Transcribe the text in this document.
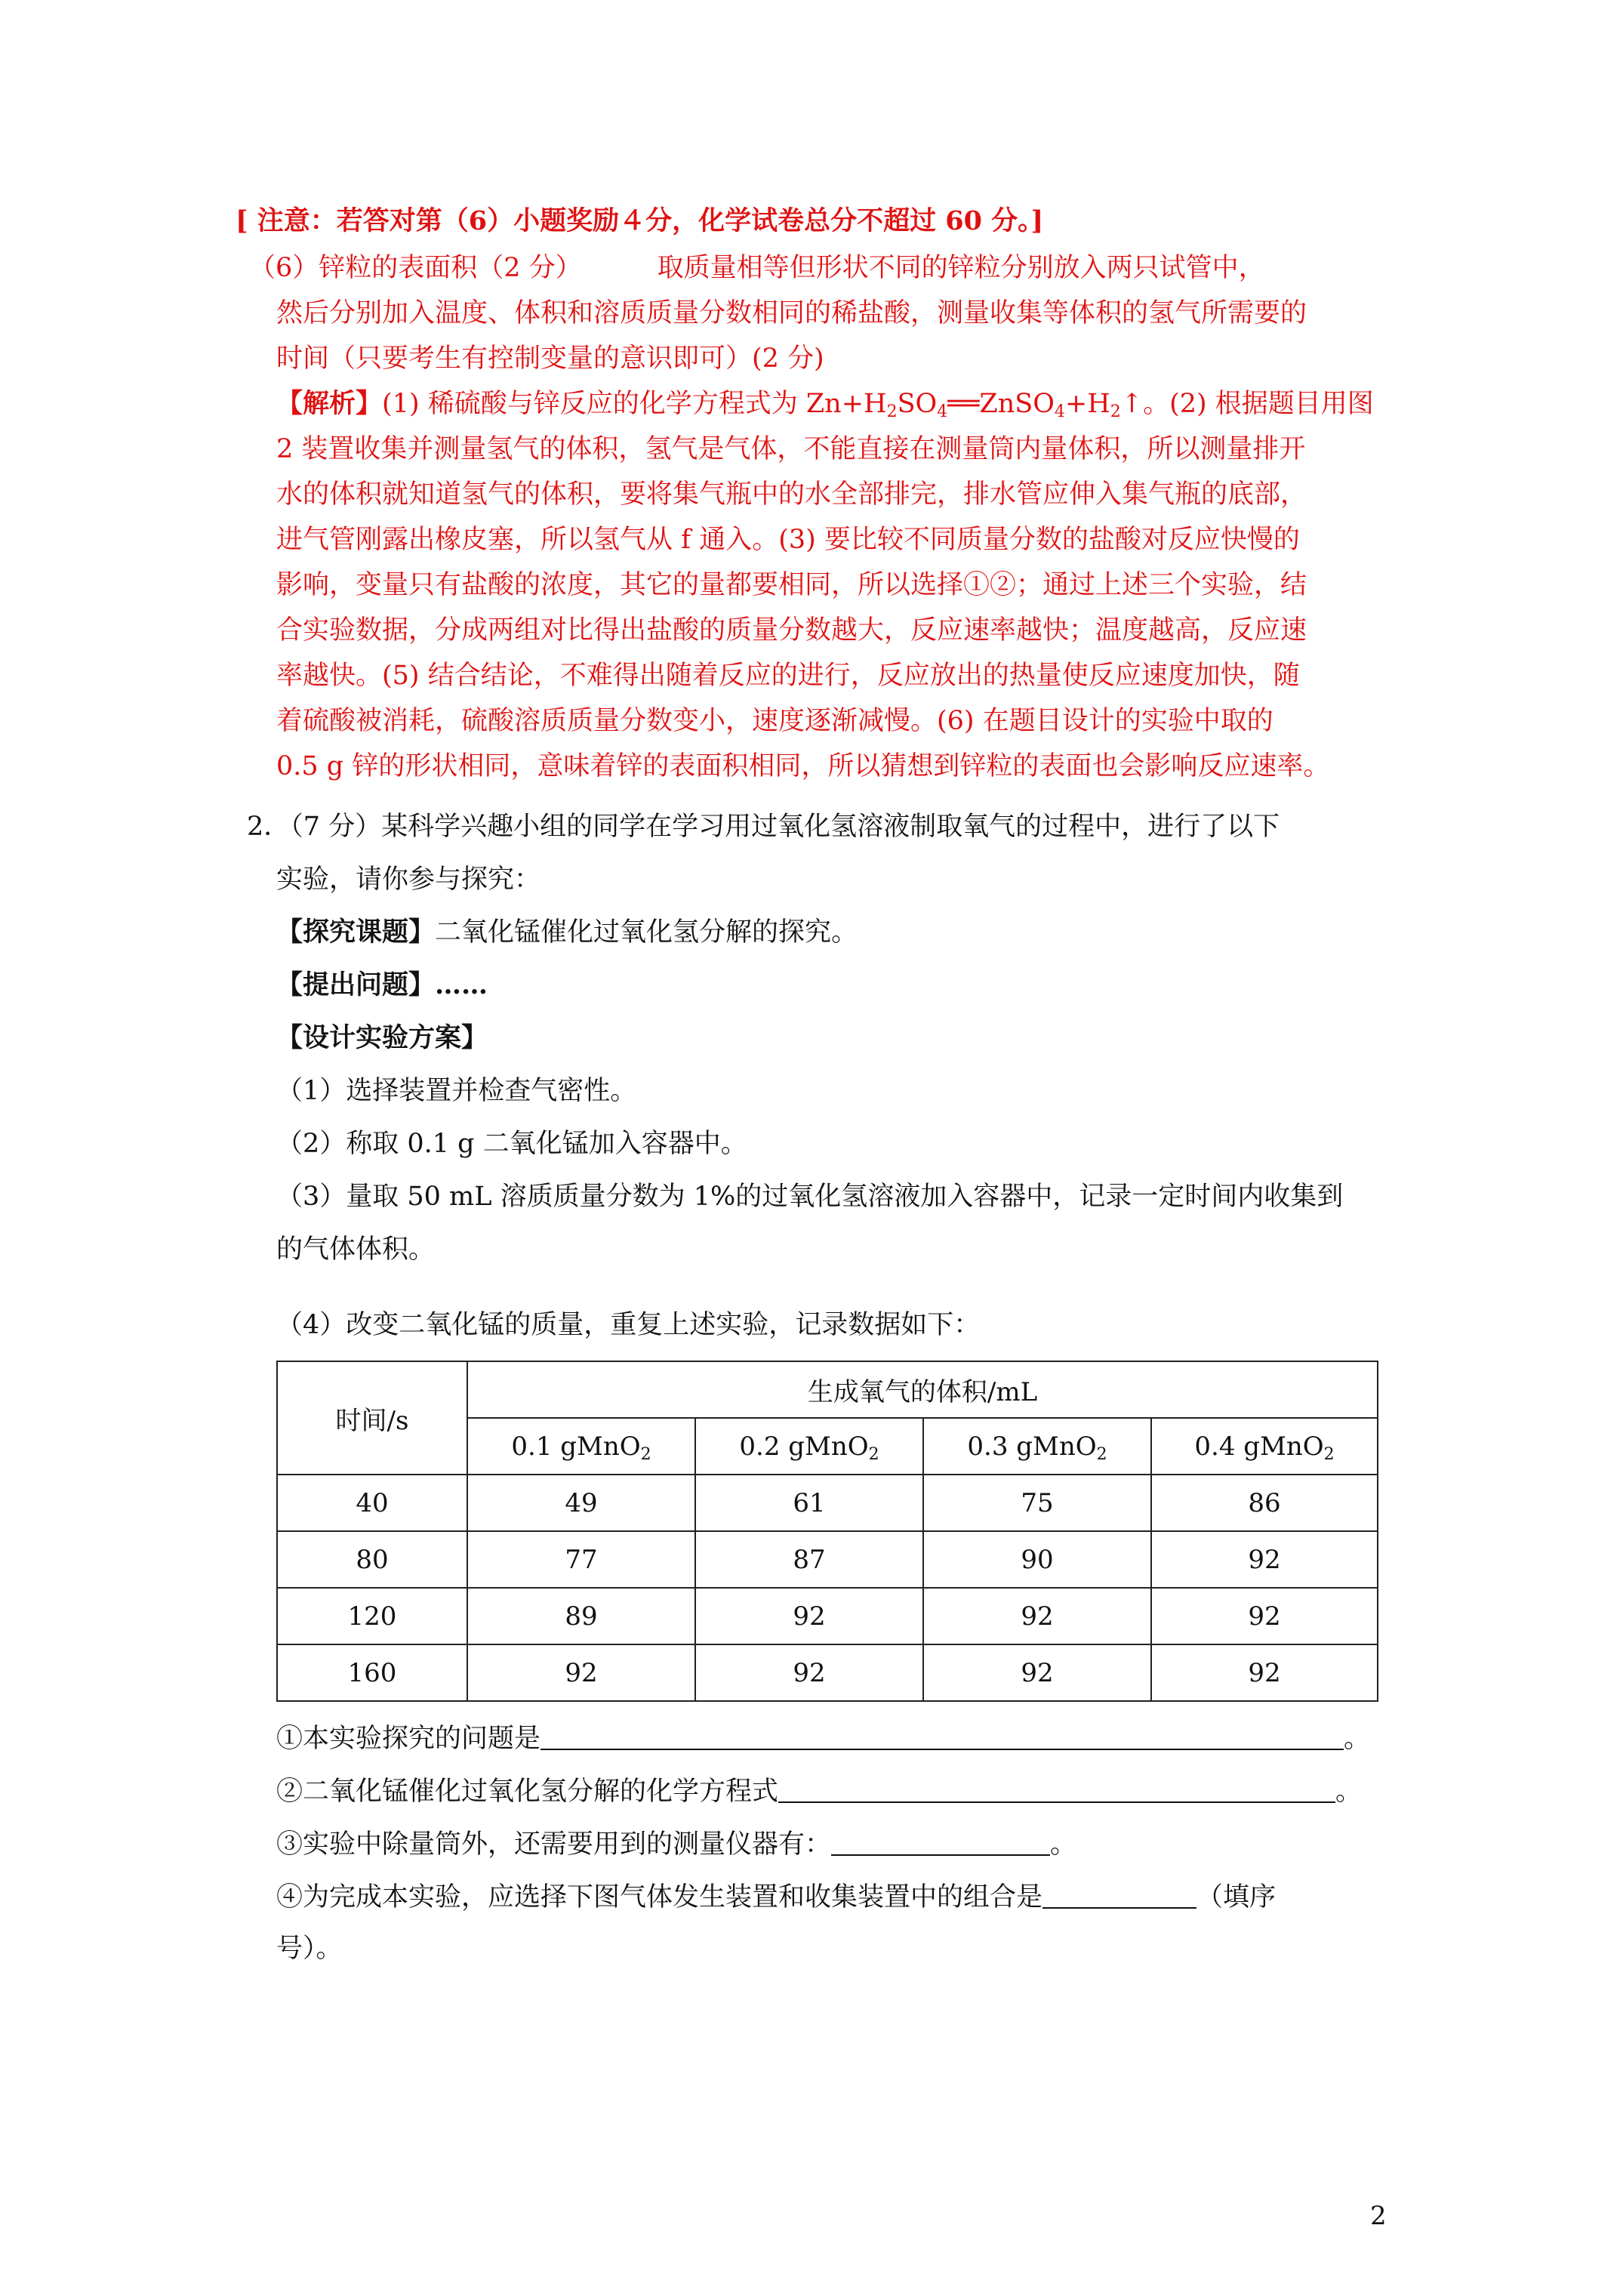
[ 注意：若答对第（6）小题奖励４分，化学试卷总分不超过 60 分。]
（6）锌粒的表面积（2 分）	取质量相等但形状不同的锌粒分别放入两只试管中，
然后分别加入温度、体积和溶质质量分数相同的稀盐酸，测量收集等体积的氢气所需要的
时间（只要考生有控制变量的意识即可）(2 分)
【解析】(1) 稀硫酸与锌反应的化学方程式为 $Zn+H_2SO_4══ZnSO_4+H_2↑$。(2) 根据题目用图
2 装置收集并测量氢气的体积，氢气是气体，不能直接在测量筒内量体积，所以测量排开
水的体积就知道氢气的体积，要将集气瓶中的水全部排完，排水管应伸入集气瓶的底部，
进气管刚露出橡皮塞，所以氢气从 f 通入。(3) 要比较不同质量分数的盐酸对反应快慢的
影响，变量只有盐酸的浓度，其它的量都要相同，所以选择①②；通过上述三个实验，结
合实验数据，分成两组对比得出盐酸的质量分数越大，反应速率越快；温度越高，反应速
率越快。(5) 结合结论，不难得出随着反应的进行，反应放出的热量使反应速度加快，随
着硫酸被消耗，硫酸溶质质量分数变小，速度逐渐减慢。(6) 在题目设计的实验中取的
0.5 g 锌的形状相同，意味着锌的表面积相同，所以猜想到锌粒的表面也会影响反应速率。
2．（7 分）某科学兴趣小组的同学在学习用过氧化氢溶液制取氧气的过程中，进行了以下
实验，请你参与探究：
【探究课题】二氧化锰催化过氧化氢分解的探究。
【提出问题】……
【设计实验方案】
（1）选择装置并检查气密性。
（2）称取 0.1 g 二氧化锰加入容器中。
（3）量取 50 mL 溶质质量分数为 1%的过氧化氢溶液加入容器中，记录一定时间内收集到
的气体体积。
（4）改变二氧化锰的质量，重复上述实验，记录数据如下：
时间/s	生成氧气的体积/mL			
	0.1 gMnO$_2$	0.2 gMnO$_2$	0.3 gMnO$_2$	0.4 gMnO$_2$
40	49	61	75	86
80	77	87	90	92
120	89	92	92	92
160	92	92	92	92
①本实验探究的问题是	。
②二氧化锰催化过氧化氢分解的化学方程式	。
③实验中除量筒外，还需要用到的测量仪器有：	。
④为完成本实验，应选择下图气体发生装置和收集装置中的组合是	（填序
号）。
2
